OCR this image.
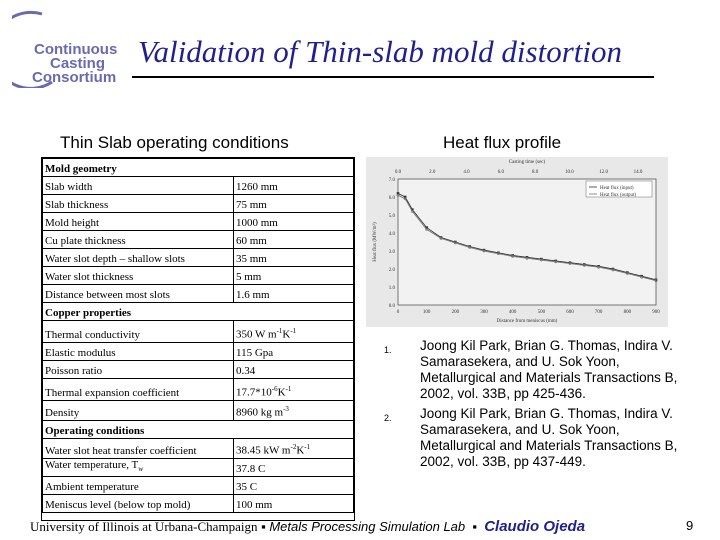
Continuous
Casting
Consortium
Validation of Thin-slab mold distortion
Thin Slab operating conditions	Heat flux profile
Mold geometry	
Slab width	1260 mm
Slab thickness	75 mm
Mold height	1000 mm
Cu plate thickness	60 mm
Water slot depth – shallow slots	35 mm
Water slot thickness	5 mm
Distance between most slots	1.6 mm
Copper properties	
Thermal conductivity	350 W $m^{-1}K^{-1}$
Elastic modulus	115 Gpa
Poisson ratio	0.34
Thermal expansion coefficient	$17.7*10^{-6}K^{-1}$
Density	8960 kg $m^{-3}$
Operating conditions	
Water slot heat transfer coefficient	38.45 kW $m^{-2}K^{-1}$
Water temperature, $T_w$	37.8 C
Ambient temperature	35 C
Meniscus level (below top mold)	100 mm
Casting time (sec)
0.0	2.0	4.0	6.0	8.0	10.0	12.0	14.0
0	100	200	300	400	500	600	700	800	900
0.0
1.0
2.0
3.0
4.0
5.0
6.0
7.0
Distance from meniscus (mm)
Heat flux (MW/m²)
Heat flux (input)
Heat flux (output)
1. Joong Kil Park, Brian G. Thomas, Indira V. Samarasekera, and U. Sok Yoon, Metallurgical and Materials Transactions B, 2002, vol. 33B, pp 425-436.
2. Joong Kil Park, Brian G. Thomas, Indira V. Samarasekera, and U. Sok Yoon, Metallurgical and Materials Transactions B, 2002, vol. 33B, pp 437-449.
University of Illinois at Urbana-Champaign ▪ Metals Processing Simulation Lab ▪ Claudio Ojeda	9
